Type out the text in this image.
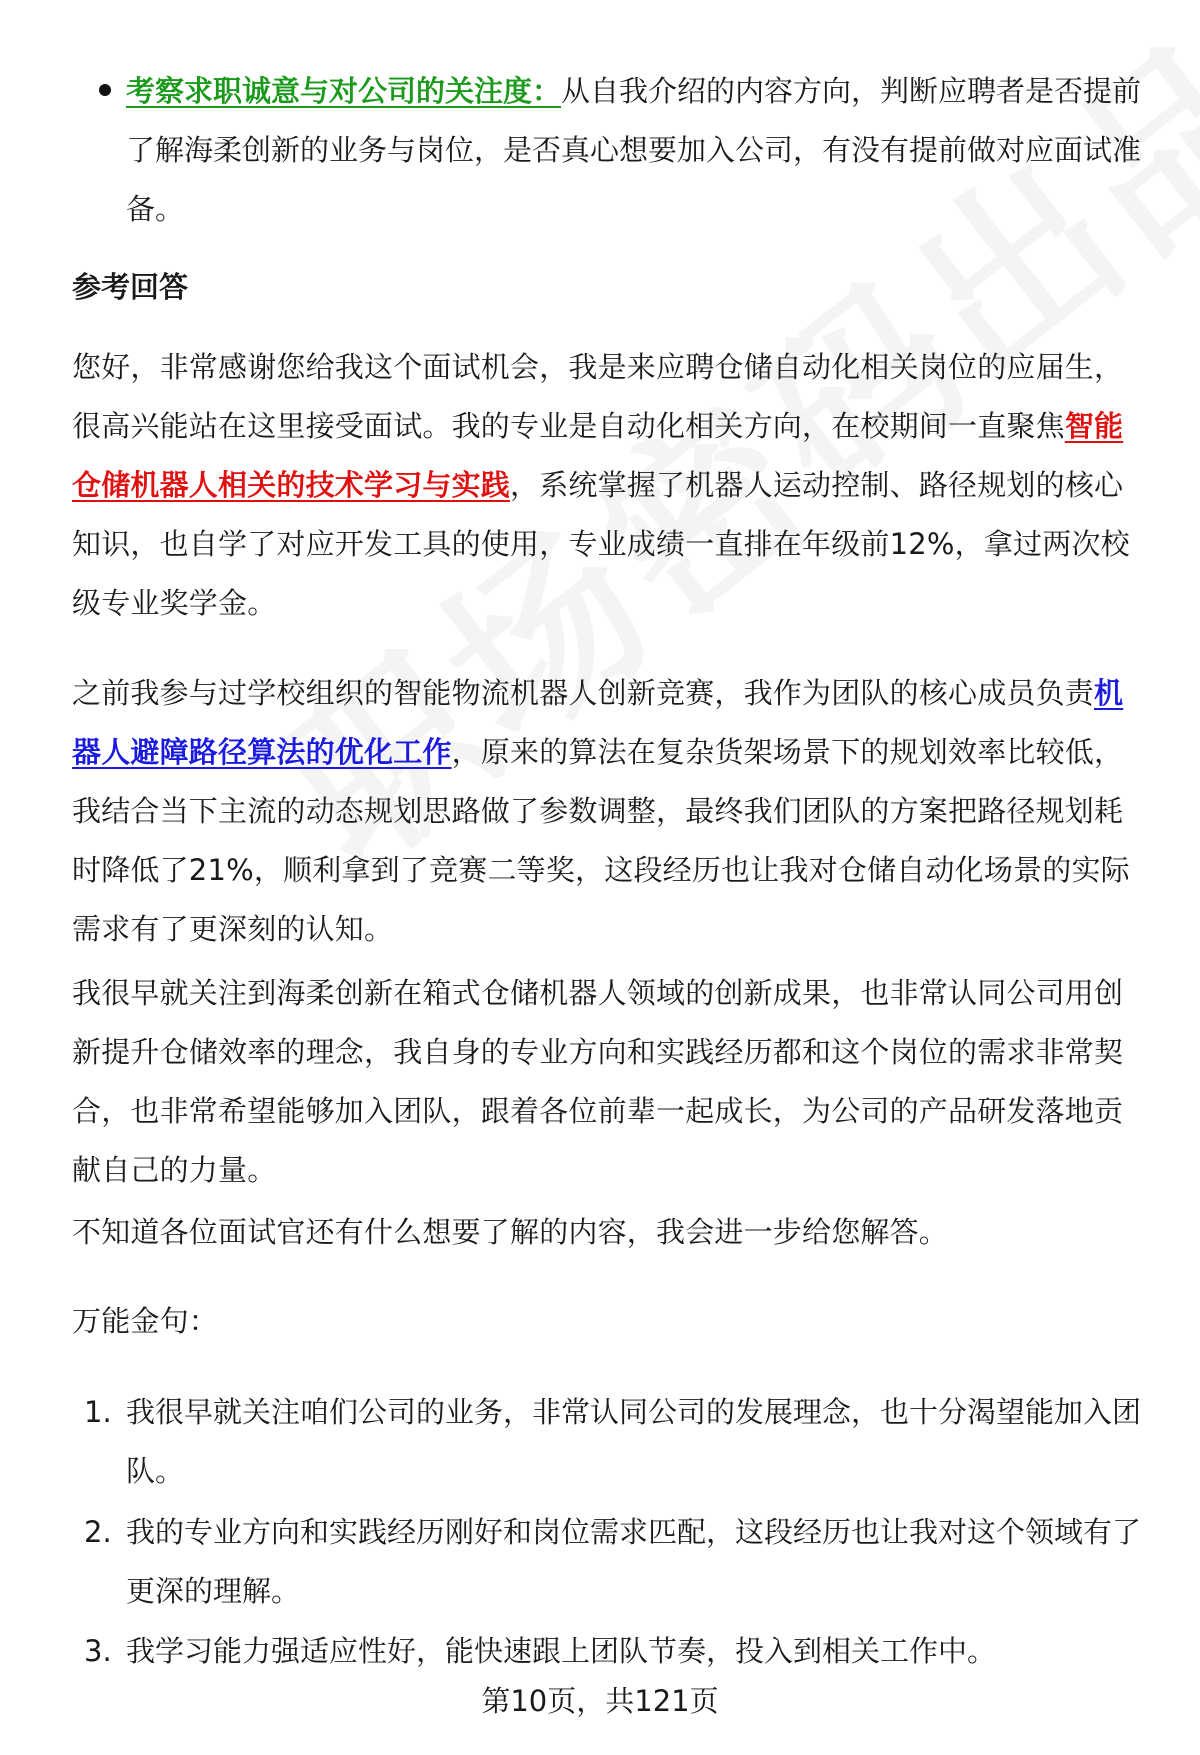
考察求职诚意与对公司的关注度：从自我介绍的内容方向，判断应聘者是否提前了解海柔创新的业务与岗位，是否真心想要加入公司，有没有提前做对应面试准备。
参考回答
您好，非常感谢您给我这个面试机会，我是来应聘仓储自动化相关岗位的应届生，很高兴能站在这里接受面试。我的专业是自动化相关方向，在校期间一直聚焦智能仓储机器人相关的技术学习与实践，系统掌握了机器人运动控制、路径规划的核心知识，也自学了对应开发工具的使用，专业成绩一直排在年级前12%，拿过两次校级专业奖学金。
之前我参与过学校组织的智能物流机器人创新竞赛，我作为团队的核心成员负责机器人避障路径算法的优化工作，原来的算法在复杂货架场景下的规划效率比较低，我结合当下主流的动态规划思路做了参数调整，最终我们团队的方案把路径规划耗时降低了21%，顺利拿到了竞赛二等奖，这段经历也让我对仓储自动化场景的实际需求有了更深刻的认知。
我很早就关注到海柔创新在箱式仓储机器人领域的创新成果，也非常认同公司用创新提升仓储效率的理念，我自身的专业方向和实践经历都和这个岗位的需求非常契合，也非常希望能够加入团队，跟着各位前辈一起成长，为公司的产品研发落地贡献自己的力量。
不知道各位面试官还有什么想要了解的内容，我会进一步给您解答。
万能金句：
1. 我很早就关注咱们公司的业务，非常认同公司的发展理念，也十分渴望能加入团队。
2. 我的专业方向和实践经历刚好和岗位需求匹配，这段经历也让我对这个领域有了更深的理解。
3. 我学习能力强适应性好，能快速跟上团队节奏，投入到相关工作中。
第10页，共121页
